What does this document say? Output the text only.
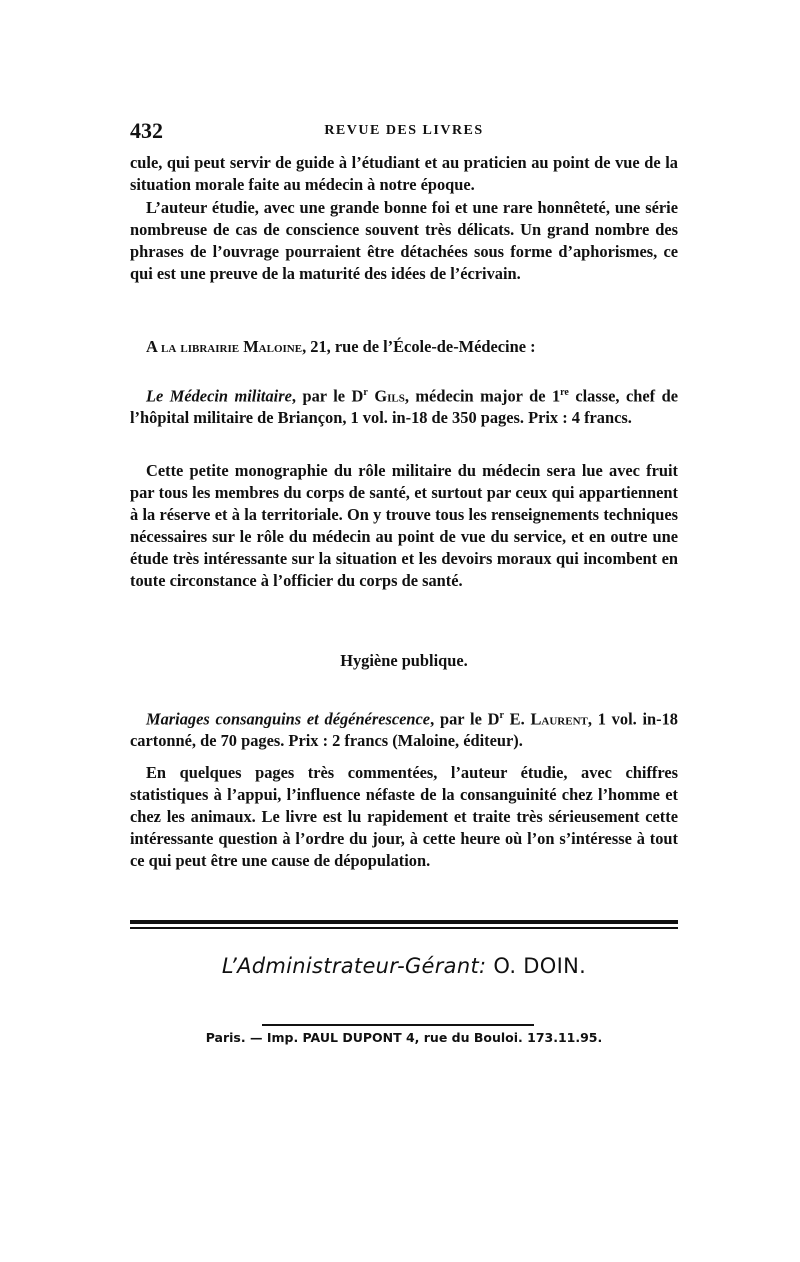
432	REVUE DES LIVRES

cule, qui peut servir de guide à l’étudiant et au praticien au point de vue de la situation morale faite au médecin à notre époque.

L’auteur étudie, avec une grande bonne foi et une rare honnêteté, une série nombreuse de cas de conscience souvent très délicats. Un grand nombre des phrases de l’ouvrage pourraient être détachées sous forme d’aphorismes, ce qui est une preuve de la maturité des idées de l’écrivain.

A la librairie Maloine, 21, rue de l’École-de-Médecine :

Le Médecin militaire, par le $D^r$ Gils, médecin major de 1re classe, chef de l’hôpital militaire de Briançon, 1 vol. in-18 de 350 pages. Prix : 4 francs.

Cette petite monographie du rôle militaire du médecin sera lue avec fruit par tous les membres du corps de santé, et surtout par ceux qui appartiennent à la réserve et à la territoriale. On y trouve tous les renseignements techniques nécessaires sur le rôle du médecin au point de vue du service, et en outre une étude très intéressante sur la situation et les devoirs moraux qui incombent en toute circonstance à l’officier du corps de santé.

Hygiène publique.

Mariages consanguins et dégénérescence, par le $D^r$ E. Laurent, 1 vol. in-18 cartonné, de 70 pages. Prix : 2 francs (Maloine, éditeur).

En quelques pages très commentées, l’auteur étudie, avec chiffres statistiques à l’appui, l’influence néfaste de la consanguinité chez l’homme et chez les animaux. Le livre est lu rapidement et traite très sérieusement cette intéressante question à l’ordre du jour, à cette heure où l’on s’intéresse à tout ce qui peut être une cause de dépopulation.

L’Administrateur-Gérant: O. DOIN.
Paris. — Imp. PAUL DUPONT 4, rue du Bouloi. 173.11.95.
